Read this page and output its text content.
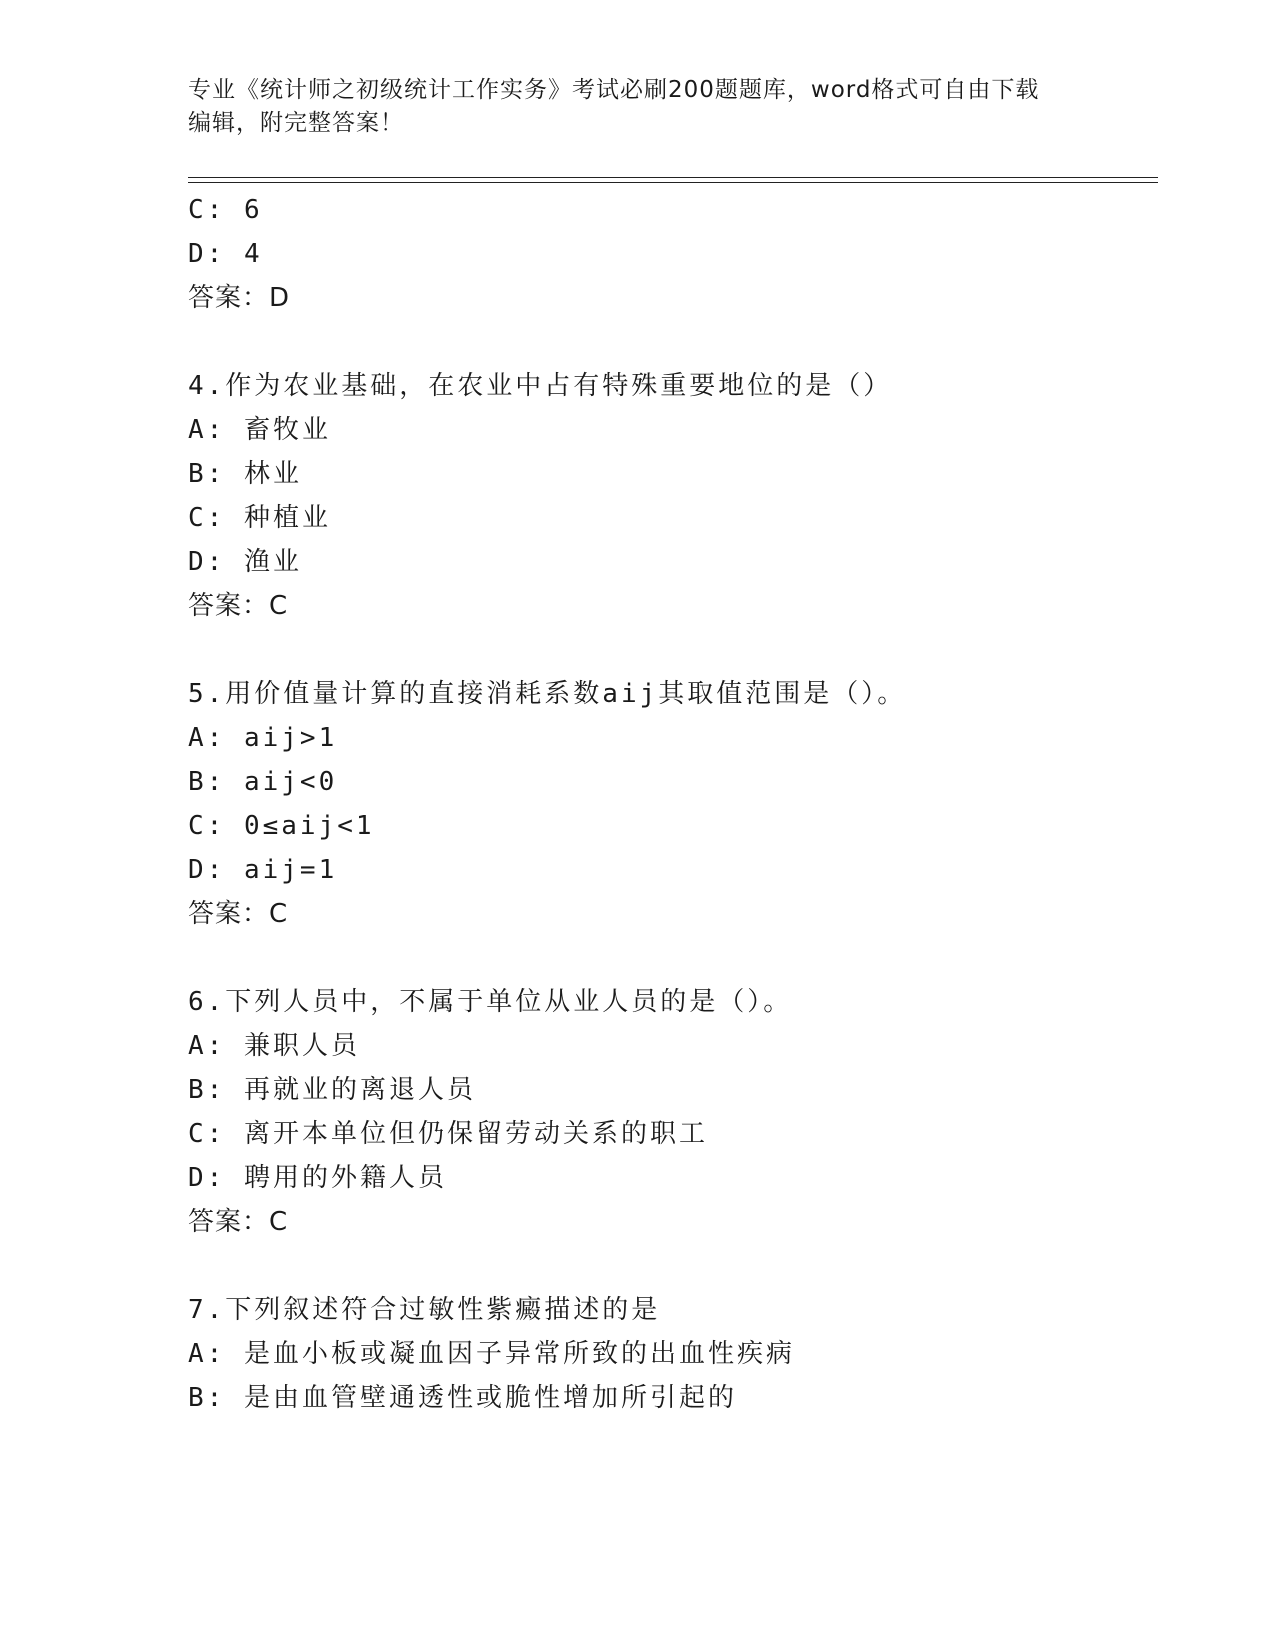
专业《统计师之初级统计工作实务》考试必刷200题题库，word格式可自由下载
编辑，附完整答案！
C: 6
D: 4
答案：D
4.作为农业基础，在农业中占有特殊重要地位的是（）
A: 畜牧业
B: 林业
C: 种植业
D: 渔业
答案：C
5.用价值量计算的直接消耗系数aij其取值范围是（）。
A: aij>1
B: aij<0
C: 0≤aij<1
D: aij=1
答案：C
6.下列人员中，不属于单位从业人员的是（）。
A: 兼职人员
B: 再就业的离退人员
C: 离开本单位但仍保留劳动关系的职工
D: 聘用的外籍人员
答案：C
7.下列叙述符合过敏性紫癜描述的是
A: 是血小板或凝血因子异常所致的出血性疾病
B: 是由血管壁通透性或脆性增加所引起的
